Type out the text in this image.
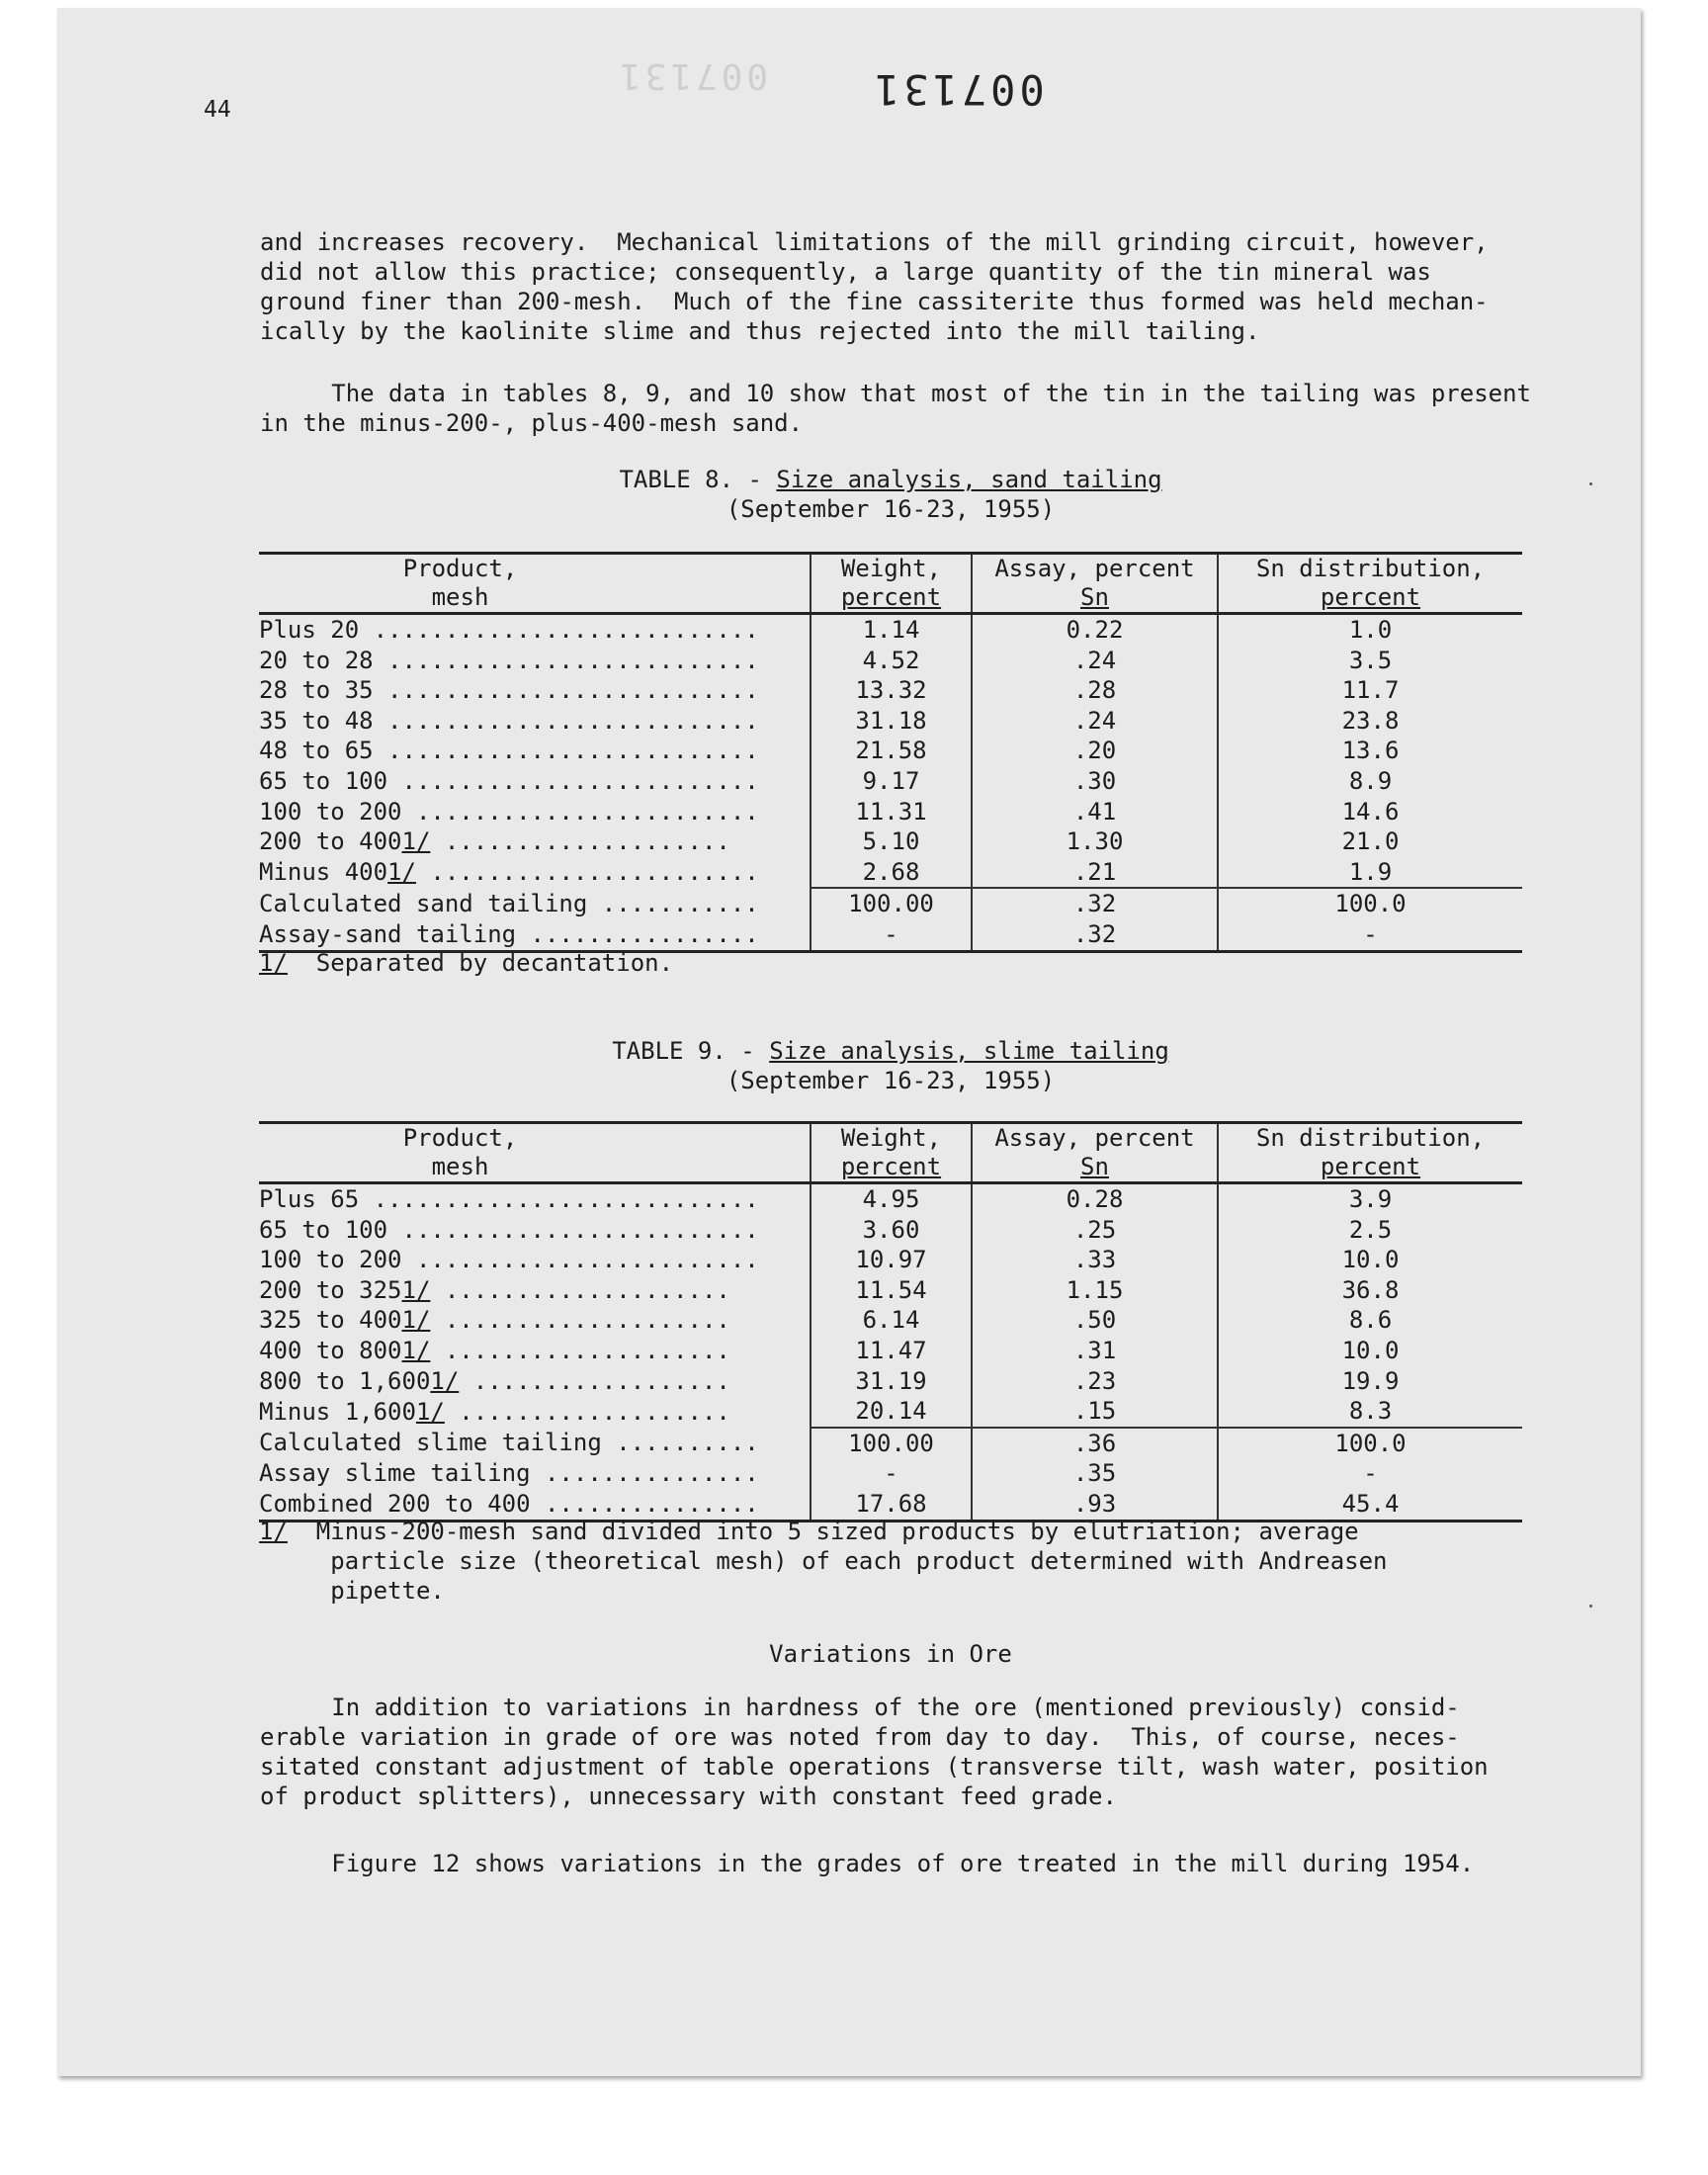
007131 007131
44

and increases recovery.  Mechanical limitations of the mill grinding circuit, however,
did not allow this practice; consequently, a large quantity of the tin mineral was
ground finer than 200-mesh.  Much of the fine cassiterite thus formed was held mechan-
ically by the kaolinite slime and thus rejected into the mill tailing.

The data in tables 8, 9, and 10 show that most of the tin in the tailing was present
in the minus-200-, plus-400-mesh sand.

TABLE 8. - Size analysis, sand tailing
(September 16-23, 1955)
Product,	Weight,	Assay, percent	Sn distribution,
mesh	percent	Sn	percent
Plus 20 ...........................	1.14	0.22	1.0
20 to 28 ..........................	4.52	.24	3.5
28 to 35 ..........................	13.32	.28	11.7
35 to 48 ..........................	31.18	.24	23.8
48 to 65 ..........................	21.58	.20	13.6
65 to 100 .........................	9.17	.30	8.9
100 to 200 ........................	11.31	.41	14.6
200 to 4001/ ....................	5.10	1.30	21.0
Minus 4001/ .......................	2.68	.21	1.9
Calculated sand tailing ...........	100.00	.32	100.0
Assay-sand tailing ................	-	.32	-
1/  Separated by decantation.
TABLE 9. - Size analysis, slime tailing
(September 16-23, 1955)
Product,	Weight,	Assay, percent	Sn distribution,
mesh	percent	Sn	percent
Plus 65 ...........................	4.95	0.28	3.9
65 to 100 .........................	3.60	.25	2.5
100 to 200 ........................	10.97	.33	10.0
200 to 3251/ ....................	11.54	1.15	36.8
325 to 4001/ ....................	6.14	.50	8.6
400 to 8001/ ....................	11.47	.31	10.0
800 to 1,6001/ ..................	31.19	.23	19.9
Minus 1,6001/ ...................	20.14	.15	8.3
Calculated slime tailing ..........	100.00	.36	100.0
Assay slime tailing ...............	-	.35	-
Combined 200 to 400 ...............	17.68	.93	45.4
1/  Minus-200-mesh sand divided into 5 sized products by elutriation; average
particle size (theoretical mesh) of each product determined with Andreasen
pipette.
Variations in Ore

In addition to variations in hardness of the ore (mentioned previously) consid-
erable variation in grade of ore was noted from day to day.  This, of course, neces-
sitated constant adjustment of table operations (transverse tilt, wash water, position
of product splitters), unnecessary with constant feed grade.

Figure 12 shows variations in the grades of ore treated in the mill during 1954.
